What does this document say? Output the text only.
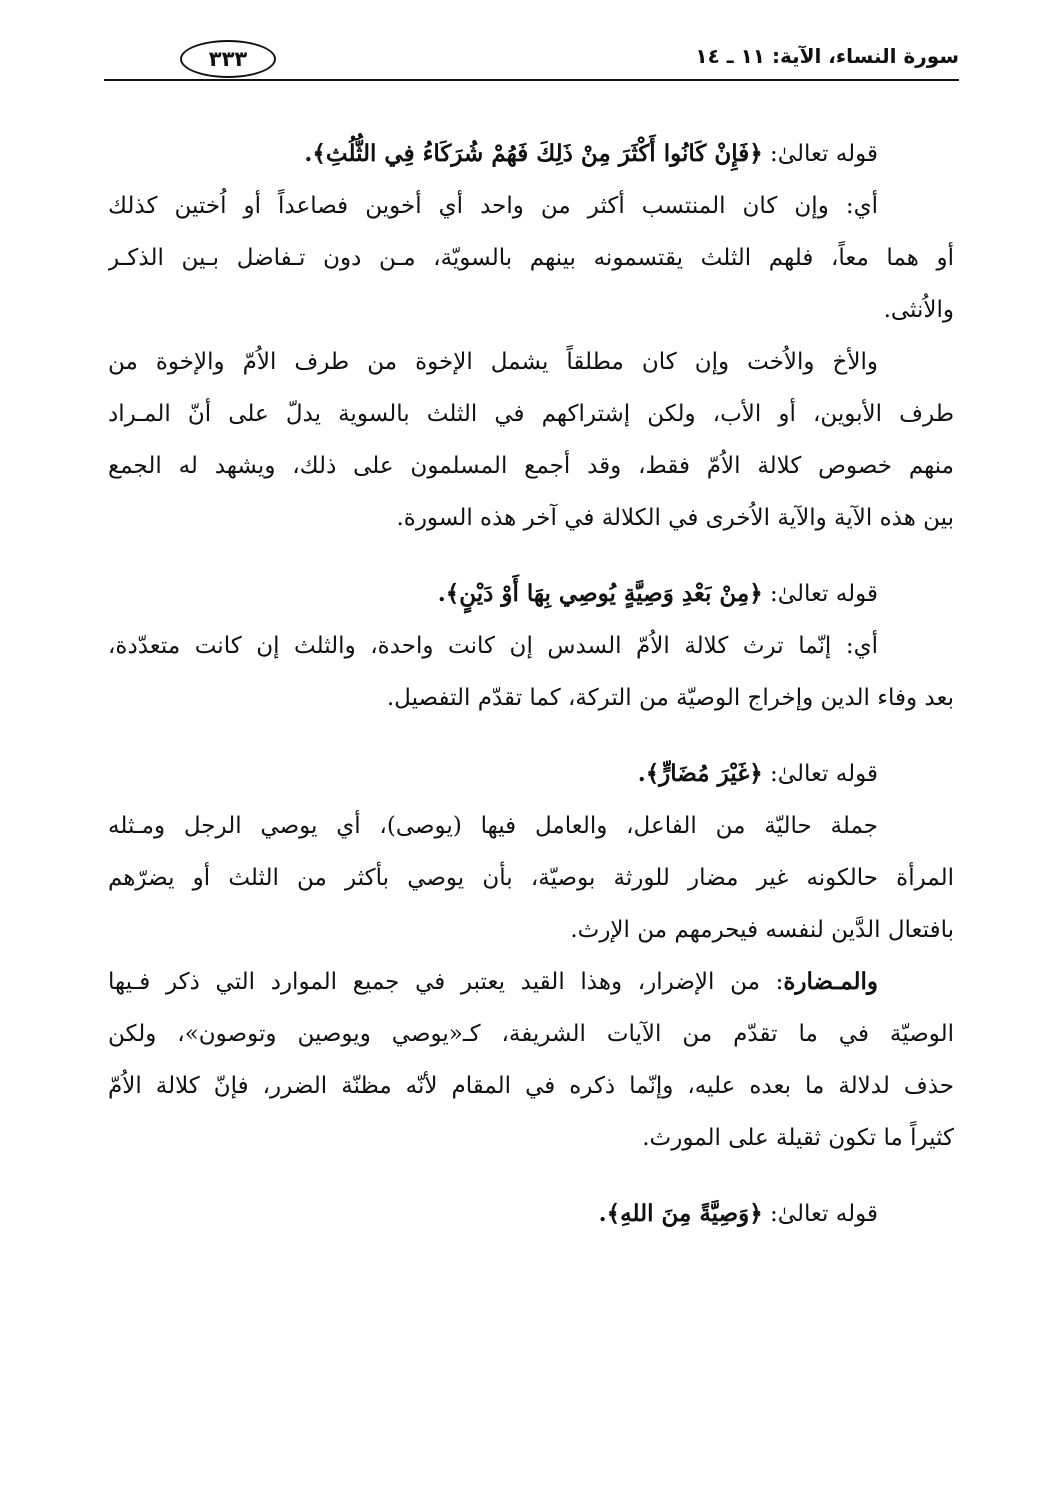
سورة النساء، الآية: ١١ ـ ١٤
٣٣٣
قوله تعالىٰ: ﴿فَإِنْ كَانُوا أَكْثَرَ مِنْ ذَلِكَ فَهُمْ شُرَكَاءُ فِي الثُّلُثِ﴾.
أي: وإن كان المنتسب أكثر من واحد أي أخوين فصاعداً أو اُختين كذلك
أو هما معاً، فلهم الثلث يقتسمونه بينهم بالسويّة، مـن دون تـفاضل بـين الذكـر
والاُنثى.
والأخ والاُخت وإن كان مطلقاً يشمل الإخوة من طرف الاُمّ والإخوة من
طرف الأبوين، أو الأب، ولكن إشتراكهم في الثلث بالسوية يدلّ على أنّ المـراد
منهم خصوص كلالة الاُمّ فقط، وقد أجمع المسلمون على ذلك، ويشهد له الجمع
بين هذه الآية والآية الاُخرى في الكلالة في آخر هذه السورة.
قوله تعالىٰ: ﴿مِنْ بَعْدِ وَصِيَّةٍ يُوصِي بِهَا أَوْ دَيْنٍ﴾.
أي: إنّما ترث كلالة الاُمّ السدس إن كانت واحدة، والثلث إن كانت متعدّدة،
بعد وفاء الدين وإخراج الوصيّة من التركة، كما تقدّم التفصيل.
قوله تعالىٰ: ﴿غَيْرَ مُضَارٍّ﴾.
جملة حاليّة من الفاعل، والعامل فيها (يوصى)، أي يوصي الرجل ومـثله
المرأة حالكونه غير مضار للورثة بوصيّة، بأن يوصي بأكثر من الثلث أو يضرّهم
بافتعال الدَّين لنفسه فيحرمهم من الإرث.
والمـضارة: من الإضرار، وهذا القيد يعتبر في جميع الموارد التي ذكر فـيها
الوصيّة في ما تقدّم من الآيات الشريفة، كـ«يوصي ويوصين وتوصون»، ولكن
حذف لدلالة ما بعده عليه، وإنّما ذكره في المقام لأنّه مظنّة الضرر، فإنّ كلالة الاُمّ
كثيراً ما تكون ثقيلة على المورث.
قوله تعالىٰ: ﴿وَصِيَّةً مِنَ اللهِ﴾.
